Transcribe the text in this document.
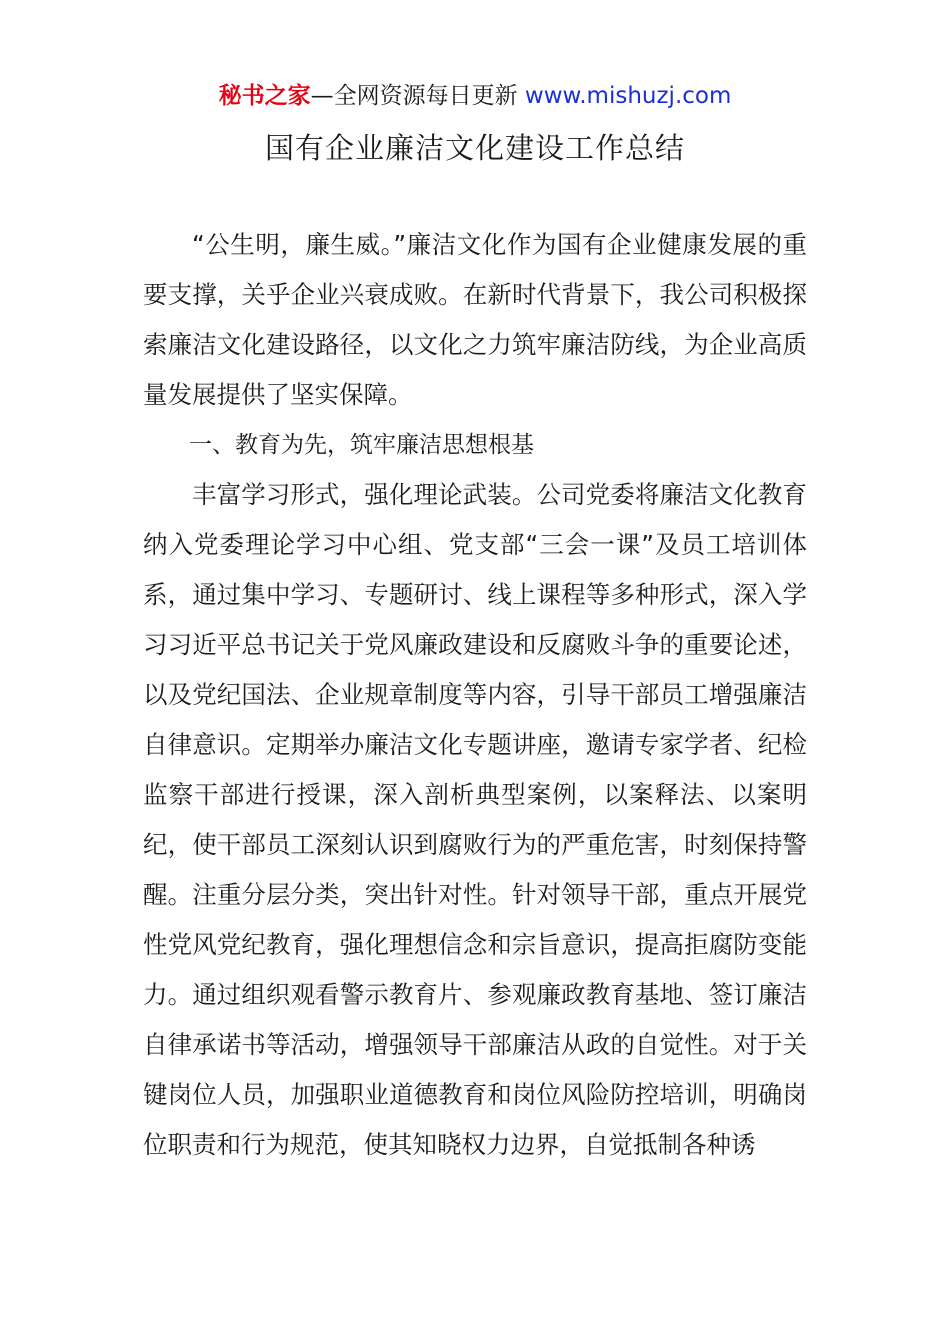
秘书之家—全网资源每日更新 www.mishuzj.com
国有企业廉洁文化建设工作总结

“公生明，廉生威。”廉洁文化作为国有企业健康发展的重要支撑，关乎企业兴衰成败。在新时代背景下，我公司积极探索廉洁文化建设路径，以文化之力筑牢廉洁防线，为企业高质量发展提供了坚实保障。

一、教育为先，筑牢廉洁思想根基

丰富学习形式，强化理论武装。公司党委将廉洁文化教育纳入党委理论学习中心组、党支部“三会一课”及员工培训体系，通过集中学习、专题研讨、线上课程等多种形式，深入学习习近平总书记关于党风廉政建设和反腐败斗争的重要论述，以及党纪国法、企业规章制度等内容，引导干部员工增强廉洁自律意识。定期举办廉洁文化专题讲座，邀请专家学者、纪检监察干部进行授课，深入剖析典型案例，以案释法、以案明纪，使干部员工深刻认识到腐败行为的严重危害，时刻保持警醒。注重分层分类，突出针对性。针对领导干部，重点开展党性党风党纪教育，强化理想信念和宗旨意识，提高拒腐防变能力。通过组织观看警示教育片、参观廉政教育基地、签订廉洁自律承诺书等活动，增强领导干部廉洁从政的自觉性。对于关键岗位人员，加强职业道德教育和岗位风险防控培训，明确岗位职责和行为规范，使其知晓权力边界，自觉抵制各种诱
